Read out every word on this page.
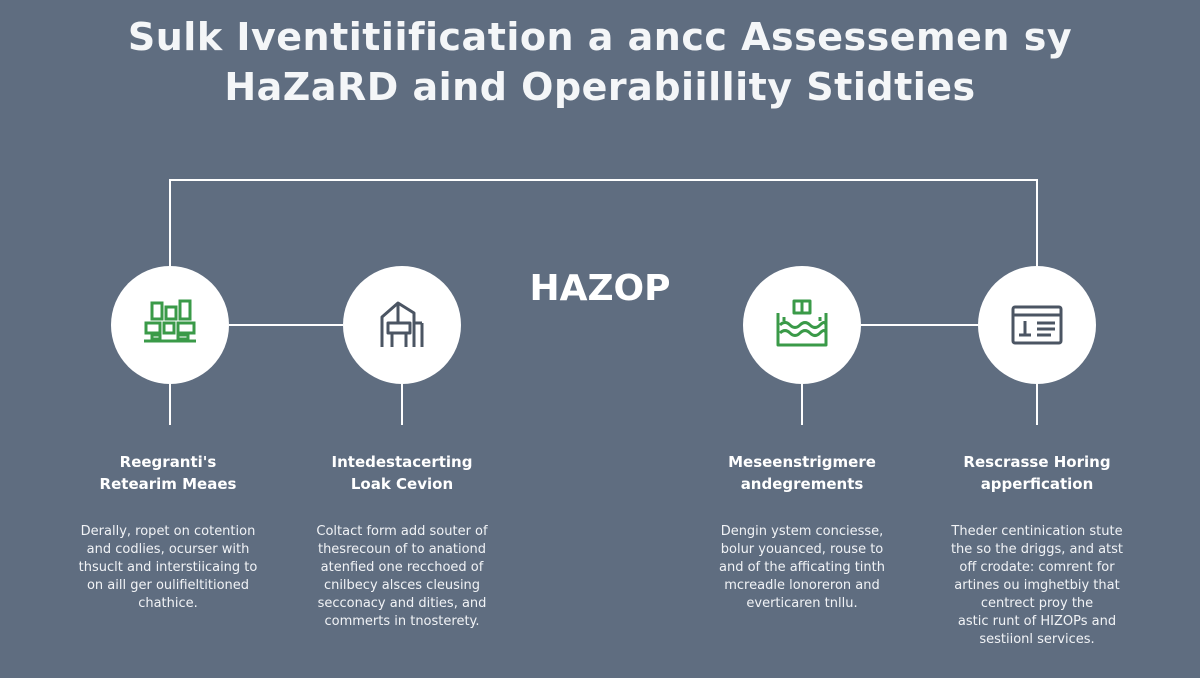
Sulk Iventitiification a ancc Assessemen sy
HaZaRD aind Operabiillity Stidties
HAZOP
Reegranti's
Retearim Meaes
Derally, ropet on cotention
and codlies, ocurser with
thsuclt and interstiicaing to
on aill ger oulifieltitioned
chathice.
Intedestacerting
Loak Cevion
Coltact form add souter of
thesrecoun of to anationd
atenfied one recchoed of
cnilbecy alsces cleusing
secconacy and dities, and
commerts in tnosterety.
Meseenstrigmere
andegrements
Dengin ystem conciesse,
bolur youanced, rouse to
and of the afficating tinth
mcreadle lonoreron and
everticaren tnllu.
Rescrasse Horing
apperfication
Theder centinication stute
the so the driggs, and atst
off crodate: comrent for
artines ou imghetbiy that
centrect proy the
astic runt of HIZOPs and
sestiionl services.
